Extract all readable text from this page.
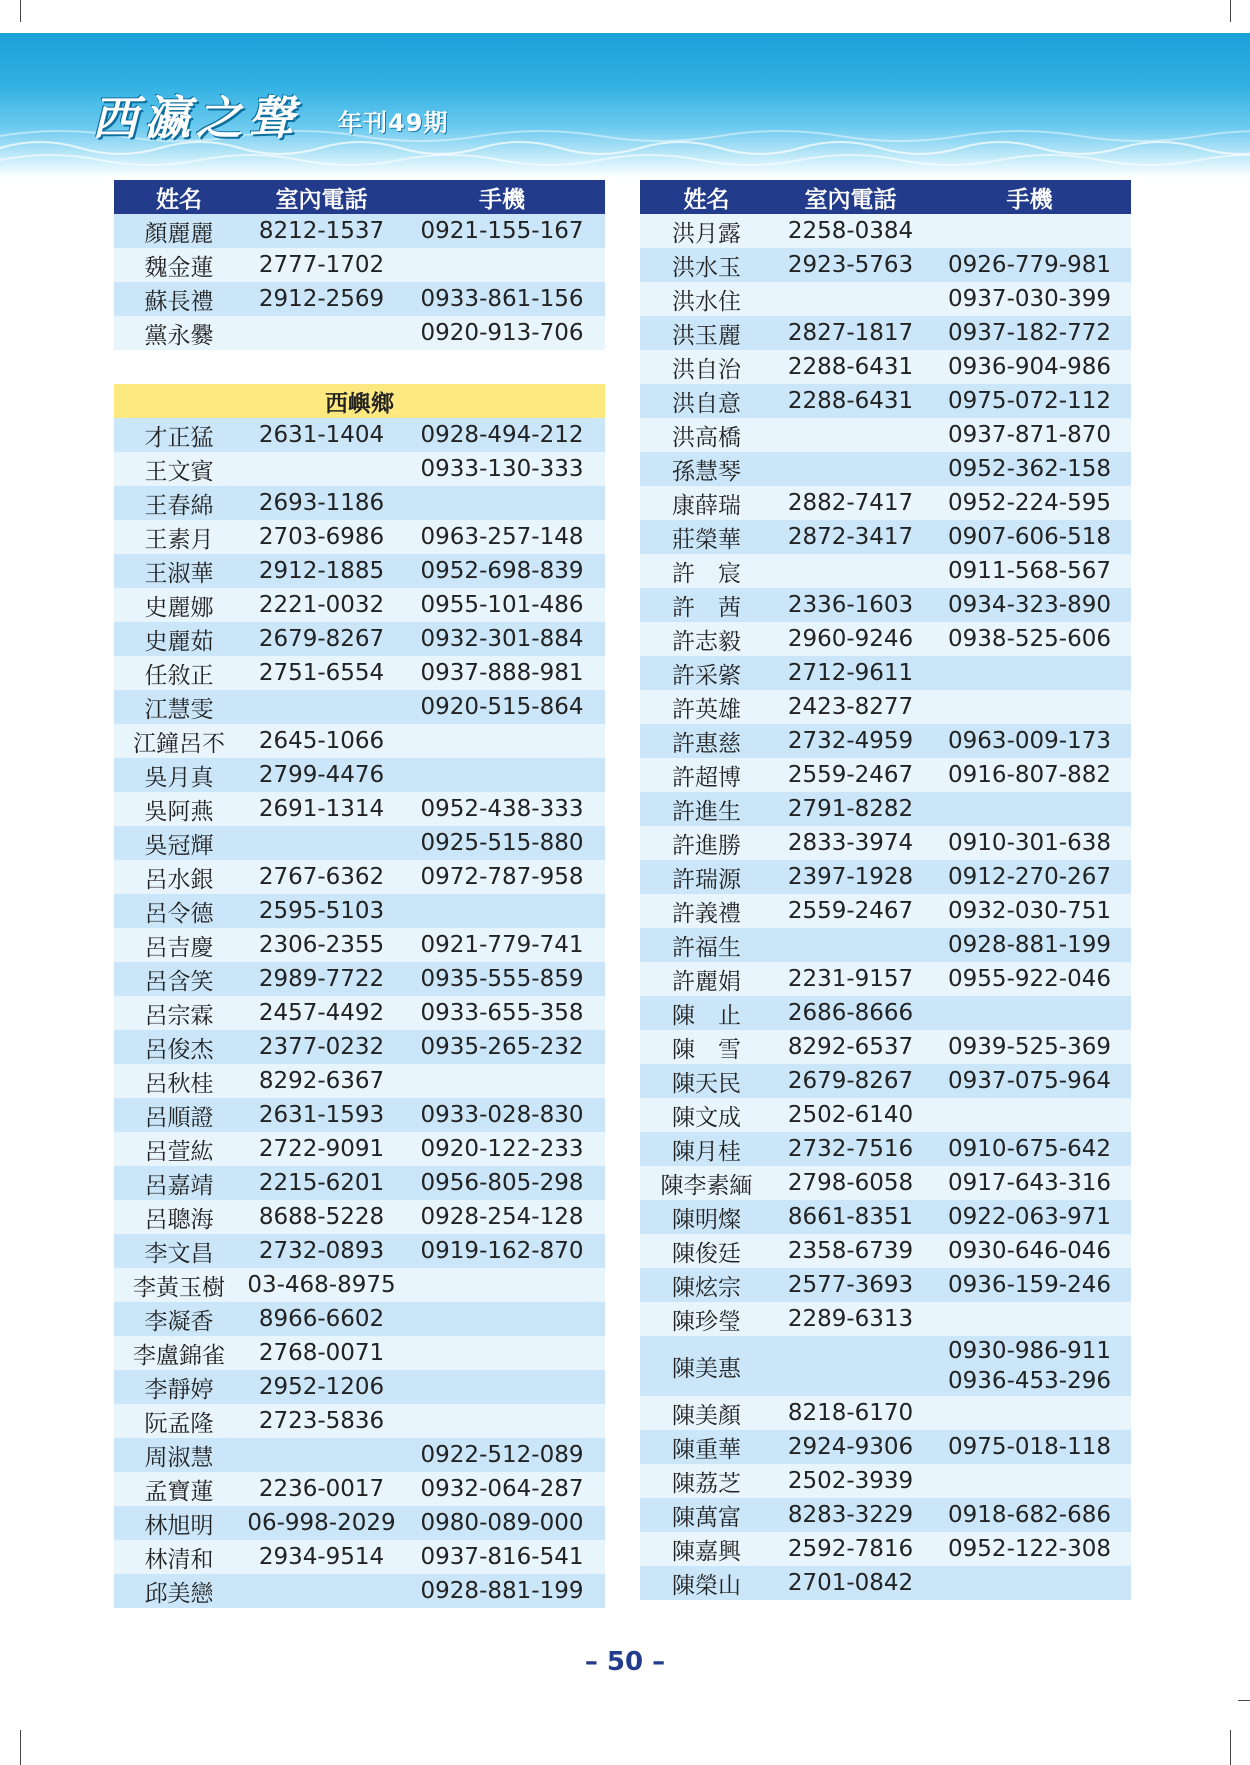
西瀛之聲 年刊49期
姓名	室內電話	手機
顏麗麗	8212-1537	0921-155-167
魏金蓮	2777-1702	
蘇長禮	2912-2569	0933-861-156
黨永爨		0920-913-706

西嶼鄉		
才正猛	2631-1404	0928-494-212
王文賓		0933-130-333
王春綿	2693-1186	
王素月	2703-6986	0963-257-148
王淑華	2912-1885	0952-698-839
史麗娜	2221-0032	0955-101-486
史麗茹	2679-8267	0932-301-884
任敘正	2751-6554	0937-888-981
江慧雯		0920-515-864
江鐘呂不	2645-1066	
吳月真	2799-4476	
吳阿燕	2691-1314	0952-438-333
吳冠輝		0925-515-880
呂水銀	2767-6362	0972-787-958
呂令德	2595-5103	
呂吉慶	2306-2355	0921-779-741
呂含笑	2989-7722	0935-555-859
呂宗霖	2457-4492	0933-655-358
呂俊杰	2377-0232	0935-265-232
呂秋桂	8292-6367	
呂順證	2631-1593	0933-028-830
呂萱紘	2722-9091	0920-122-233
呂嘉靖	2215-6201	0956-805-298
呂聰海	8688-5228	0928-254-128
李文昌	2732-0893	0919-162-870
李黃玉樹	03-468-8975	
李凝香	8966-6602	
李盧錦雀	2768-0071	
李靜婷	2952-1206	
阮孟隆	2723-5836	
周淑慧		0922-512-089
孟寶蓮	2236-0017	0932-064-287
林旭明	06-998-2029	0980-089-000
林清和	2934-9514	0937-816-541
邱美戀		0928-881-199
姓名	室內電話	手機
洪月露	2258-0384	
洪水玉	2923-5763	0926-779-981
洪水住		0937-030-399
洪玉麗	2827-1817	0937-182-772
洪自治	2288-6431	0936-904-986
洪自意	2288-6431	0975-072-112
洪高橋		0937-871-870
孫慧琴		0952-362-158
康薛瑞	2882-7417	0952-224-595
莊榮華	2872-3417	0907-606-518
許　宸		0911-568-567
許　茜	2336-1603	0934-323-890
許志毅	2960-9246	0938-525-606
許采綮	2712-9611	
許英雄	2423-8277	
許惠慈	2732-4959	0963-009-173
許超博	2559-2467	0916-807-882
許進生	2791-8282	
許進勝	2833-3974	0910-301-638
許瑞源	2397-1928	0912-270-267
許義禮	2559-2467	0932-030-751
許福生		0928-881-199
許麗娟	2231-9157	0955-922-046
陳　止	2686-8666	
陳　雪	8292-6537	0939-525-369
陳天民	2679-8267	0937-075-964
陳文成	2502-6140	
陳月桂	2732-7516	0910-675-642
陳李素緬	2798-6058	0917-643-316
陳明燦	8661-8351	0922-063-971
陳俊廷	2358-6739	0930-646-046
陳炫宗	2577-3693	0936-159-246
陳珍瑩	2289-6313	
陳美惠		0930-986-911
0936-453-296

陳美顏	8218-6170	
陳重華	2924-9306	0975-018-118
陳荔芝	2502-3939	
陳萬富	8283-3229	0918-682-686
陳嘉興	2592-7816	0952-122-308
陳榮山	2701-0842	
– 50 –
